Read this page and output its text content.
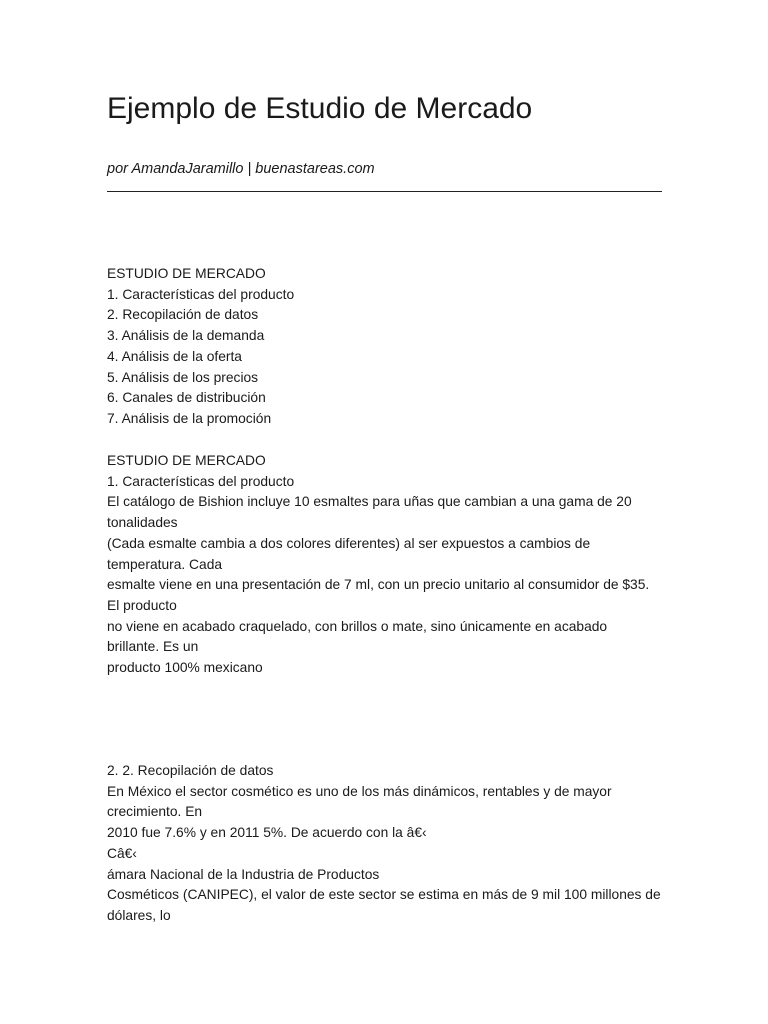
Ejemplo de Estudio de Mercado
por AmandaJaramillo | buenastareas.com
ESTUDIO DE MERCADO
1. Características del producto
2. Recopilación de datos
3. Análisis de la demanda
4. Análisis de la oferta
5. Análisis de los precios
6. Canales de distribución
7. Análisis de la promoción
ESTUDIO DE MERCADO
1. Características del producto
El catálogo de Bishion incluye 10 esmaltes para uñas que cambian a una gama de 20
tonalidades
(Cada esmalte cambia a dos colores diferentes) al ser expuestos a cambios de
temperatura. Cada
esmalte viene en una presentación de 7 ml, con un precio unitario al consumidor de $35.
El producto
no viene en acabado craquelado, con brillos o mate, sino únicamente en acabado
brillante. Es un
producto 100% mexicano
2. 2. Recopilación de datos
En México el sector cosmético es uno de los más dinámicos, rentables y de mayor
crecimiento. En
2010 fue 7.6% y en 2011 5%. De acuerdo con la â€‹
Câ€‹
ámara Nacional de la Industria de Productos
Cosméticos (CANIPEC), el valor de este sector se estima en más de 9 mil 100 millones de
dólares, lo
